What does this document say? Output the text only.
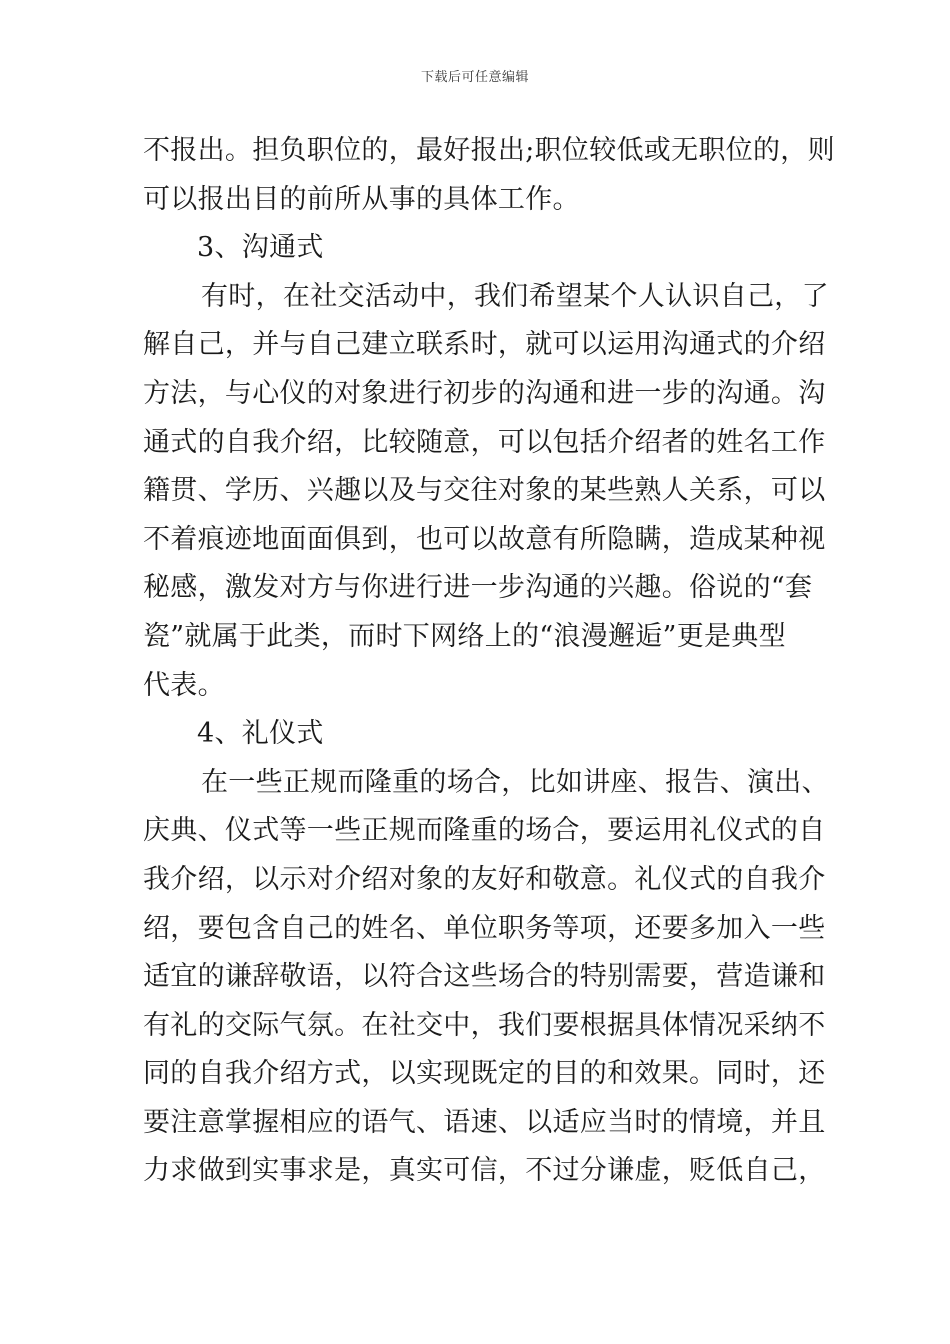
下载后可任意编辑
不报出。担负职位的，最好报出;职位较低或无职位的，则
可以报出目的前所从事的具体工作。
3、沟通式
有时，在社交活动中，我们希望某个人认识自己，了
解自己，并与自己建立联系时，就可以运用沟通式的介绍
方法，与心仪的对象进行初步的沟通和进一步的沟通。沟
通式的自我介绍，比较随意，可以包括介绍者的姓名工作
籍贯、学历、兴趣以及与交往对象的某些熟人关系，可以
不着痕迹地面面俱到，也可以故意有所隐瞒，造成某种视
秘感，激发对方与你进行进一步沟通的兴趣。俗说的“套
瓷”就属于此类，而时下网络上的“浪漫邂逅”更是典型
代表。
4、礼仪式
在一些正规而隆重的场合，比如讲座、报告、演出、
庆典、仪式等一些正规而隆重的场合，要运用礼仪式的自
我介绍，以示对介绍对象的友好和敬意。礼仪式的自我介
绍，要包含自己的姓名、单位职务等项，还要多加入一些
适宜的谦辞敬语，以符合这些场合的特别需要，营造谦和
有礼的交际气氛。在社交中，我们要根据具体情况采纳不
同的自我介绍方式，以实现既定的目的和效果。同时，还
要注意掌握相应的语气、语速、以适应当时的情境，并且
力求做到实事求是，真实可信，不过分谦虚，贬低自己，
